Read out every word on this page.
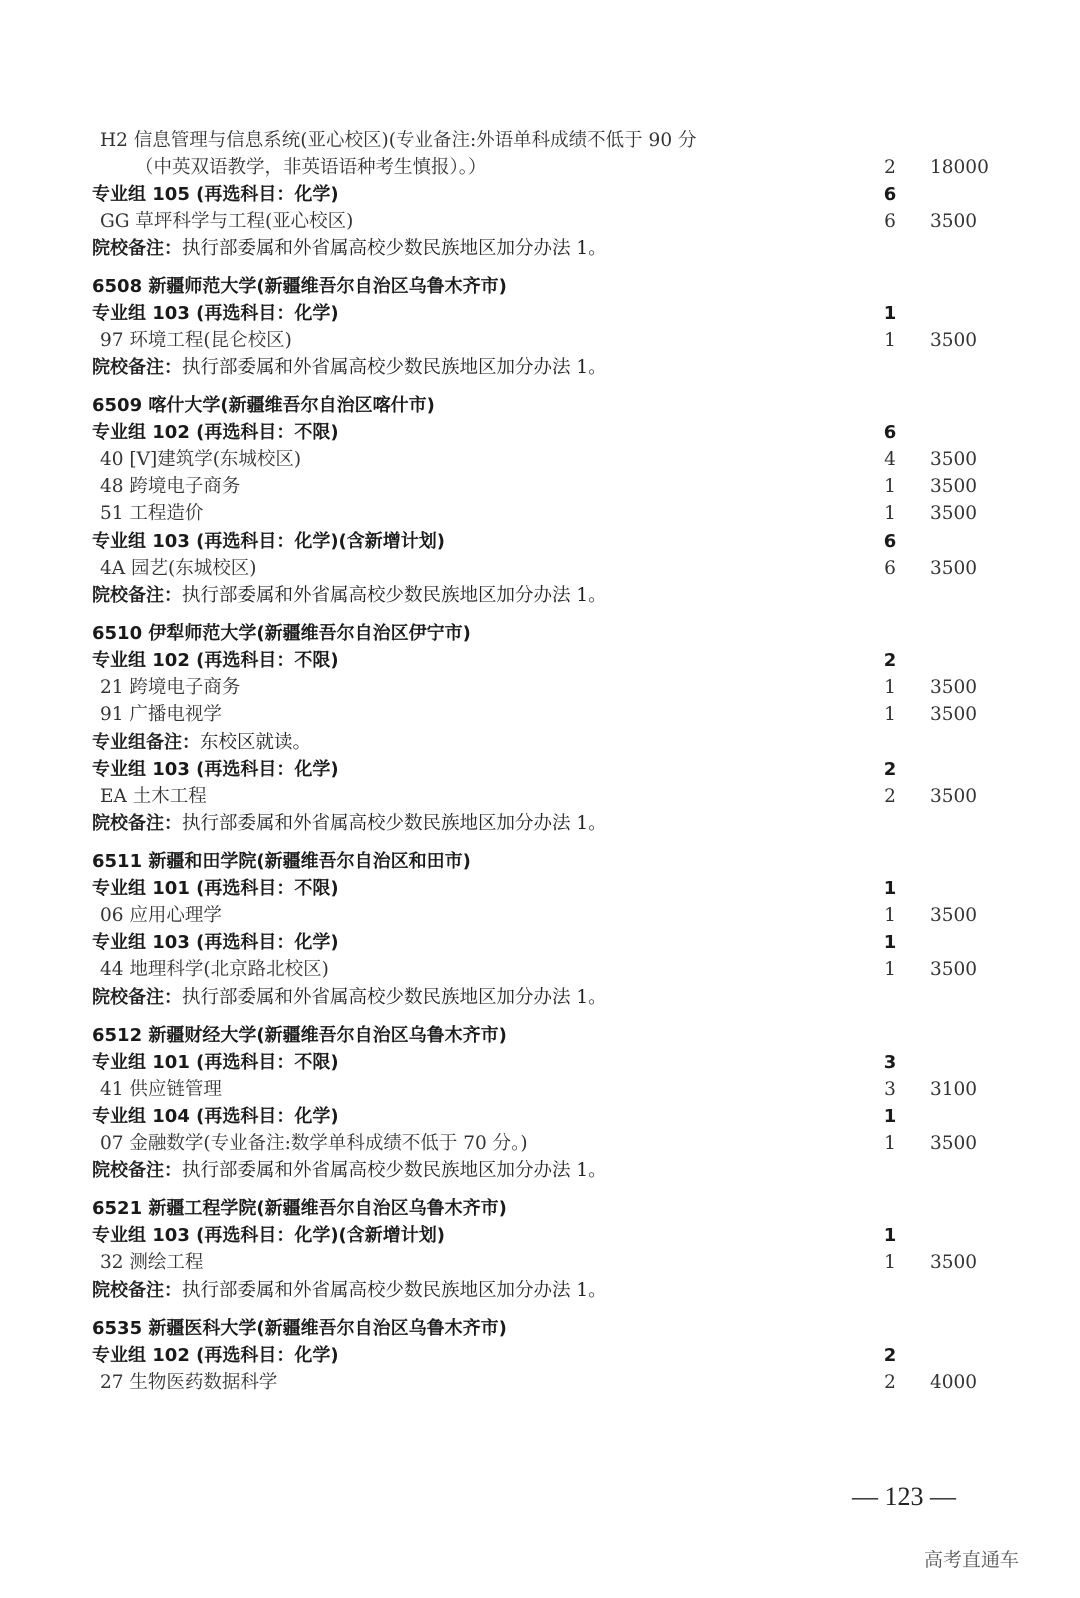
H2 信息管理与信息系统(亚心校区)(专业备注:外语单科成绩不低于 90 分
（中英双语教学，非英语语种考生慎报）。）	2 18000
专业组 105 (再选科目：化学)	6
GG 草坪科学与工程(亚心校区)	6 3500
院校备注：执行部委属和外省属高校少数民族地区加分办法 1。
6508 新疆师范大学(新疆维吾尔自治区乌鲁木齐市)
专业组 103 (再选科目：化学)	1
97 环境工程(昆仑校区)	1 3500
院校备注：执行部委属和外省属高校少数民族地区加分办法 1。
6509 喀什大学(新疆维吾尔自治区喀什市)
专业组 102 (再选科目：不限)	6
40 [V]建筑学(东城校区)	4 3500
48 跨境电子商务	1 3500
51 工程造价	1 3500
专业组 103 (再选科目：化学)(含新增计划)	6
4A 园艺(东城校区)	6 3500
院校备注：执行部委属和外省属高校少数民族地区加分办法 1。
6510 伊犁师范大学(新疆维吾尔自治区伊宁市)
专业组 102 (再选科目：不限)	2
21 跨境电子商务	1 3500
91 广播电视学	1 3500
专业组备注：东校区就读。
专业组 103 (再选科目：化学)	2
EA 土木工程	2 3500
院校备注：执行部委属和外省属高校少数民族地区加分办法 1。
6511 新疆和田学院(新疆维吾尔自治区和田市)
专业组 101 (再选科目：不限)	1
06 应用心理学	1 3500
专业组 103 (再选科目：化学)	1
44 地理科学(北京路北校区)	1 3500
院校备注：执行部委属和外省属高校少数民族地区加分办法 1。
6512 新疆财经大学(新疆维吾尔自治区乌鲁木齐市)
专业组 101 (再选科目：不限)	3
41 供应链管理	3 3100
专业组 104 (再选科目：化学)	1
07 金融数学(专业备注:数学单科成绩不低于 70 分。)	1 3500
院校备注：执行部委属和外省属高校少数民族地区加分办法 1。
6521 新疆工程学院(新疆维吾尔自治区乌鲁木齐市)
专业组 103 (再选科目：化学)(含新增计划)	1
32 测绘工程	1 3500
院校备注：执行部委属和外省属高校少数民族地区加分办法 1。
6535 新疆医科大学(新疆维吾尔自治区乌鲁木齐市)
专业组 102 (再选科目：化学)	2
27 生物医药数据科学	2 4000
— 123 —
高考直通车
